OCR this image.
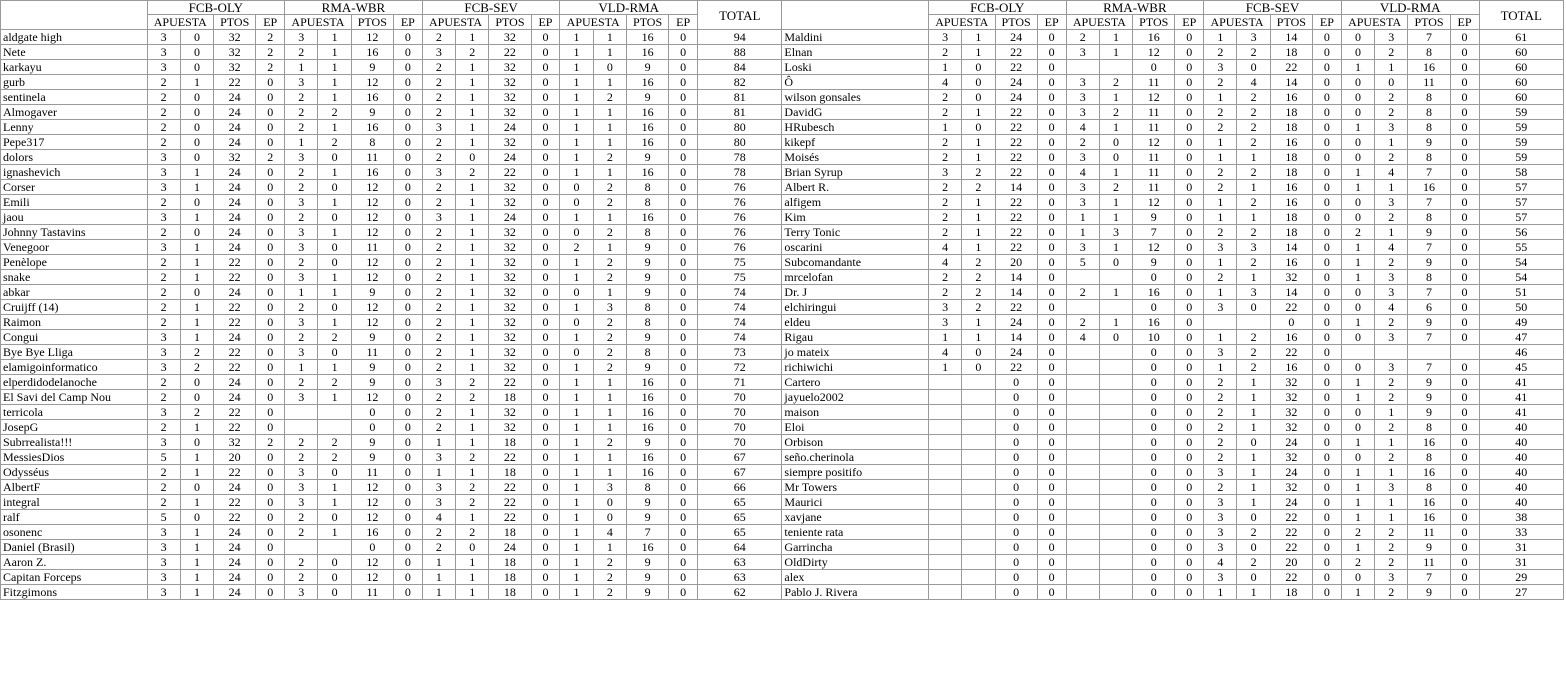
	FCB-OLY				RMA-WBR				FCB-SEV				VLD-RMA				TOTAL		FCB-OLY				RMA-WBR				FCB-SEV				VLD-RMA				TOTAL
	APUESTA		PTOS	EP	APUESTA		PTOS	EP	APUESTA		PTOS	EP	APUESTA		PTOS	EP			APUESTA		PTOS	EP	APUESTA		PTOS	EP	APUESTA		PTOS	EP	APUESTA		PTOS	EP	
aldgate high	3	0	32	2	3	1	12	0	2	1	32	0	1	1	16	0	94	Maldini	3	1	24	0	2	1	16	0	1	3	14	0	0	3	7	0	61
Nete	3	0	32	2	2	1	16	0	3	2	22	0	1	1	16	0	88	Elnan	2	1	22	0	3	1	12	0	2	2	18	0	0	2	8	0	60
karkayu	3	0	32	2	1	1	9	0	2	1	32	0	1	0	9	0	84	Loski	1	0	22	0			0	0	3	0	22	0	1	1	16	0	60
gurb	2	1	22	0	3	1	12	0	2	1	32	0	1	1	16	0	82	Ô	4	0	24	0	3	2	11	0	2	4	14	0	0	0	11	0	60
sentinela	2	0	24	0	2	1	16	0	2	1	32	0	1	2	9	0	81	wilson gonsales	2	0	24	0	3	1	12	0	1	2	16	0	0	2	8	0	60
Almogaver	2	0	24	0	2	2	9	0	2	1	32	0	1	1	16	0	81	DavidG	2	1	22	0	3	2	11	0	2	2	18	0	0	2	8	0	59
Lenny	2	0	24	0	2	1	16	0	3	1	24	0	1	1	16	0	80	HRubesch	1	0	22	0	4	1	11	0	2	2	18	0	1	3	8	0	59
Pepe317	2	0	24	0	1	2	8	0	2	1	32	0	1	1	16	0	80	kikepf	2	1	22	0	2	0	12	0	1	2	16	0	0	1	9	0	59
dolors	3	0	32	2	3	0	11	0	2	0	24	0	1	2	9	0	78	Moisés	2	1	22	0	3	0	11	0	1	1	18	0	0	2	8	0	59
ignashevich	3	1	24	0	2	1	16	0	3	2	22	0	1	1	16	0	78	Brian Syrup	3	2	22	0	4	1	11	0	2	2	18	0	1	4	7	0	58
Corser	3	1	24	0	2	0	12	0	2	1	32	0	0	2	8	0	76	Albert R.	2	2	14	0	3	2	11	0	2	1	16	0	1	1	16	0	57
Emili	2	0	24	0	3	1	12	0	2	1	32	0	0	2	8	0	76	alfigem	2	1	22	0	3	1	12	0	1	2	16	0	0	3	7	0	57
jaou	3	1	24	0	2	0	12	0	3	1	24	0	1	1	16	0	76	Kim	2	1	22	0	1	1	9	0	1	1	18	0	0	2	8	0	57
Johnny Tastavins	2	0	24	0	3	1	12	0	2	1	32	0	0	2	8	0	76	Terry Tonic	2	1	22	0	1	3	7	0	2	2	18	0	2	1	9	0	56
Venegoor	3	1	24	0	3	0	11	0	2	1	32	0	2	1	9	0	76	oscarini	4	1	22	0	3	1	12	0	3	3	14	0	1	4	7	0	55
Penèlope	2	1	22	0	2	0	12	0	2	1	32	0	1	2	9	0	75	Subcomandante	4	2	20	0	5	0	9	0	1	2	16	0	1	2	9	0	54
snake	2	1	22	0	3	1	12	0	2	1	32	0	1	2	9	0	75	mrcelofan	2	2	14	0			0	0	2	1	32	0	1	3	8	0	54
abkar	2	0	24	0	1	1	9	0	2	1	32	0	0	1	9	0	74	Dr. J	2	2	14	0	2	1	16	0	1	3	14	0	0	3	7	0	51
Cruijff (14)	2	1	22	0	2	0	12	0	2	1	32	0	1	3	8	0	74	elchiringui	3	2	22	0			0	0	3	0	22	0	0	4	6	0	50
Raimon	2	1	22	0	3	1	12	0	2	1	32	0	0	2	8	0	74	eldeu	3	1	24	0	2	1	16	0			0	0	1	2	9	0	49
Congui	3	1	24	0	2	2	9	0	2	1	32	0	1	2	9	0	74	Rigau	1	1	14	0	4	0	10	0	1	2	16	0	0	3	7	0	47
Bye Bye Lliga	3	2	22	0	3	0	11	0	2	1	32	0	0	2	8	0	73	jo mateix	4	0	24	0			0	0	3	2	22	0					46
elamigoinformatico	3	2	22	0	1	1	9	0	2	1	32	0	1	2	9	0	72	richiwichi	1	0	22	0			0	0	1	2	16	0	0	3	7	0	45
elperdidodelanoche	2	0	24	0	2	2	9	0	3	2	22	0	1	1	16	0	71	Cartero			0	0			0	0	2	1	32	0	1	2	9	0	41
El Savi del Camp Nou	2	0	24	0	3	1	12	0	2	2	18	0	1	1	16	0	70	jayuelo2002			0	0			0	0	2	1	32	0	1	2	9	0	41
terricola	3	2	22	0			0	0	2	1	32	0	1	1	16	0	70	maison			0	0			0	0	2	1	32	0	0	1	9	0	41
JosepG	2	1	22	0			0	0	2	1	32	0	1	1	16	0	70	Eloi			0	0			0	0	2	1	32	0	0	2	8	0	40
Subrrealista!!!	3	0	32	2	2	2	9	0	1	1	18	0	1	2	9	0	70	Orbison			0	0			0	0	2	0	24	0	1	1	16	0	40
MessiesDios	5	1	20	0	2	2	9	0	3	2	22	0	1	1	16	0	67	seño.cherinola			0	0			0	0	2	1	32	0	0	2	8	0	40
Odysséus	2	1	22	0	3	0	11	0	1	1	18	0	1	1	16	0	67	siempre positifo			0	0			0	0	3	1	24	0	1	1	16	0	40
AlbertF	2	0	24	0	3	1	12	0	3	2	22	0	1	3	8	0	66	Mr Towers			0	0			0	0	2	1	32	0	1	3	8	0	40
integral	2	1	22	0	3	1	12	0	3	2	22	0	1	0	9	0	65	Maurici			0	0			0	0	3	1	24	0	1	1	16	0	40
ralf	5	0	22	0	2	0	12	0	4	1	22	0	1	0	9	0	65	xavjane			0	0			0	0	3	0	22	0	1	1	16	0	38
osonenc	3	1	24	0	2	1	16	0	2	2	18	0	1	4	7	0	65	teniente rata			0	0			0	0	3	2	22	0	2	2	11	0	33
Daniel (Brasil)	3	1	24	0			0	0	2	0	24	0	1	1	16	0	64	Garrincha			0	0			0	0	3	0	22	0	1	2	9	0	31
Aaron Z.	3	1	24	0	2	0	12	0	1	1	18	0	1	2	9	0	63	OldDirty			0	0			0	0	4	2	20	0	2	2	11	0	31
Capitan Forceps	3	1	24	0	2	0	12	0	1	1	18	0	1	2	9	0	63	alex			0	0			0	0	3	0	22	0	0	3	7	0	29
Fitzgimons	3	1	24	0	3	0	11	0	1	1	18	0	1	2	9	0	62	Pablo J. Rivera			0	0			0	0	1	1	18	0	1	2	9	0	27
